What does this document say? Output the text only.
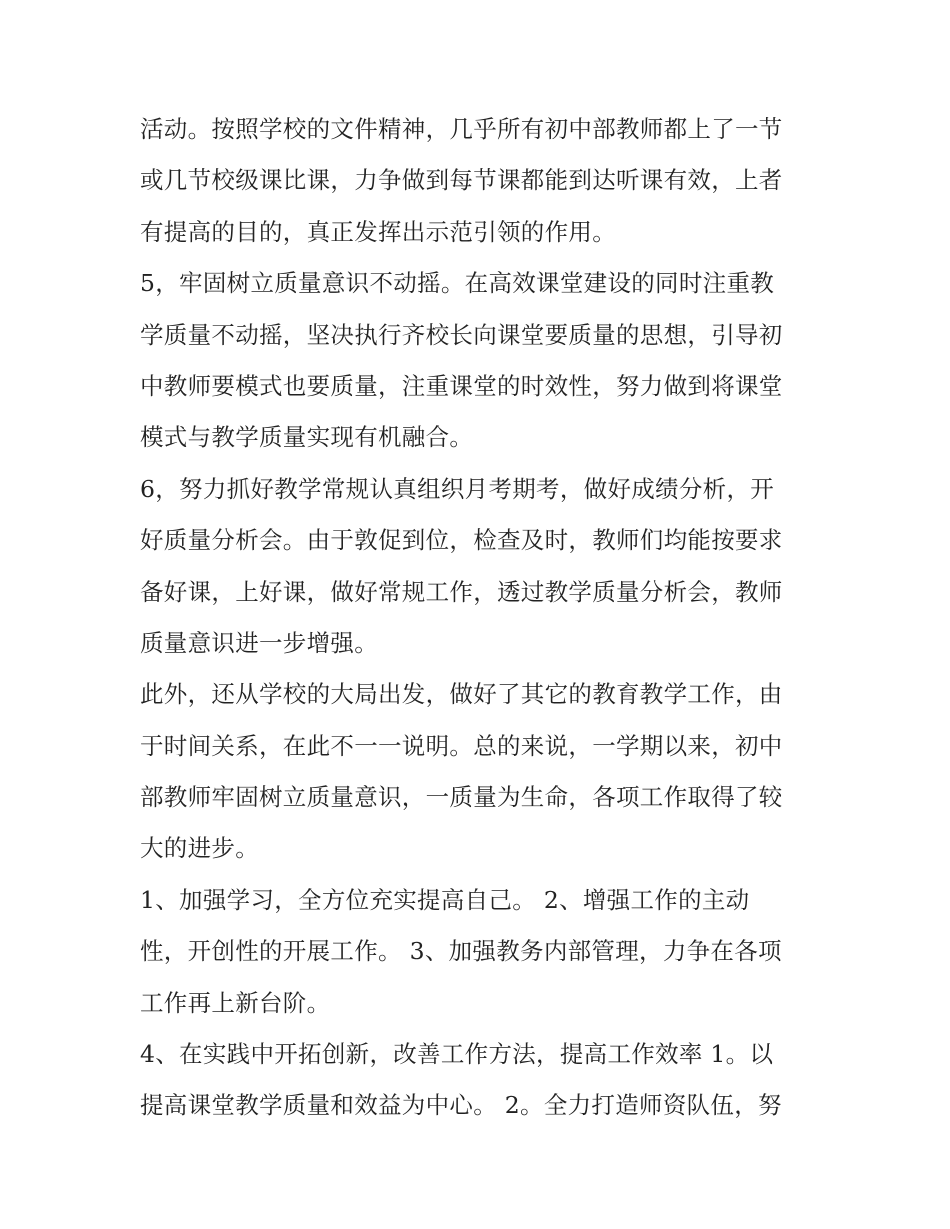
活动。按照学校的文件精神，几乎所有初中部教师都上了一节
或几节校级课比课，力争做到每节课都能到达听课有效，上者
有提高的目的，真正发挥出示范引领的作用。
5，牢固树立质量意识不动摇。在高效课堂建设的同时注重教
学质量不动摇，坚决执行齐校长向课堂要质量的思想，引导初
中教师要模式也要质量，注重课堂的时效性，努力做到将课堂
模式与教学质量实现有机融合。
6，努力抓好教学常规认真组织月考期考，做好成绩分析，开
好质量分析会。由于敦促到位，检查及时，教师们均能按要求
备好课，上好课，做好常规工作，透过教学质量分析会，教师
质量意识进一步增强。
此外，还从学校的大局出发，做好了其它的教育教学工作，由
于时间关系，在此不一一说明。总的来说，一学期以来，初中
部教师牢固树立质量意识，一质量为生命，各项工作取得了较
大的进步。
1、加强学习，全方位充实提高自己。 2、增强工作的主动
性，开创性的开展工作。 3、加强教务内部管理，力争在各项
工作再上新台阶。
4、在实践中开拓创新，改善工作方法，提高工作效率 1。以
提高课堂教学质量和效益为中心。 2。全力打造师资队伍，努
